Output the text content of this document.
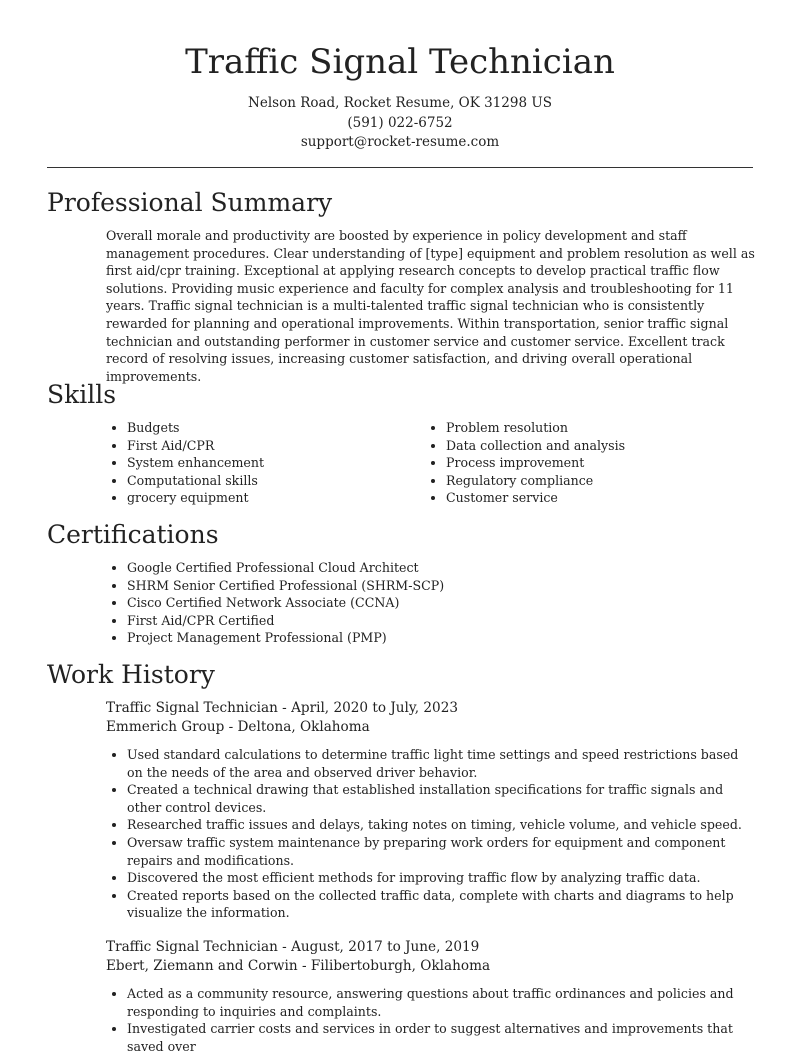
Traffic Signal Technician
Nelson Road, Rocket Resume, OK 31298 US
(591) 022-6752
support@rocket-resume.com
Professional Summary

Overall morale and productivity are boosted by experience in policy development and staff management procedures. Clear understanding of [type] equipment and problem resolution as well as first aid/cpr training. Exceptional at applying research concepts to develop practical traffic flow solutions. Providing music experience and faculty for complex analysis and troubleshooting for 11 years. Traffic signal technician is a multi-talented traffic signal technician who is consistently rewarded for planning and operational improvements. Within transportation, senior traffic signal technician and outstanding performer in customer service and customer service. Excellent track record of resolving issues, increasing customer satisfaction, and driving overall operational improvements.

Skills
• Budgets
• First Aid/CPR
• System enhancement
• Computational skills
• grocery equipment
• Problem resolution
• Data collection and analysis
• Process improvement
• Regulatory compliance
• Customer service
Certifications
• Google Certified Professional Cloud Architect
• SHRM Senior Certified Professional (SHRM-SCP)
• Cisco Certified Network Associate (CCNA)
• First Aid/CPR Certified
• Project Management Professional (PMP)
Work History

Traffic Signal Technician - April, 2020 to July, 2023

Emmerich Group - Deltona, Oklahoma

• Used standard calculations to determine traffic light time settings and speed restrictions based on the needs of the area and observed driver behavior.
• Created a technical drawing that established installation specifications for traffic signals and other control devices.
• Researched traffic issues and delays, taking notes on timing, vehicle volume, and vehicle speed.
• Oversaw traffic system maintenance by preparing work orders for equipment and component repairs and modifications.
• Discovered the most efficient methods for improving traffic flow by analyzing traffic data.
• Created reports based on the collected traffic data, complete with charts and diagrams to help visualize the information.

Traffic Signal Technician - August, 2017 to June, 2019

Ebert, Ziemann and Corwin - Filibertoburgh, Oklahoma

• Acted as a community resource, answering questions about traffic ordinances and policies and responding to inquiries and complaints.
• Investigated carrier costs and services in order to suggest alternatives and improvements that saved over
